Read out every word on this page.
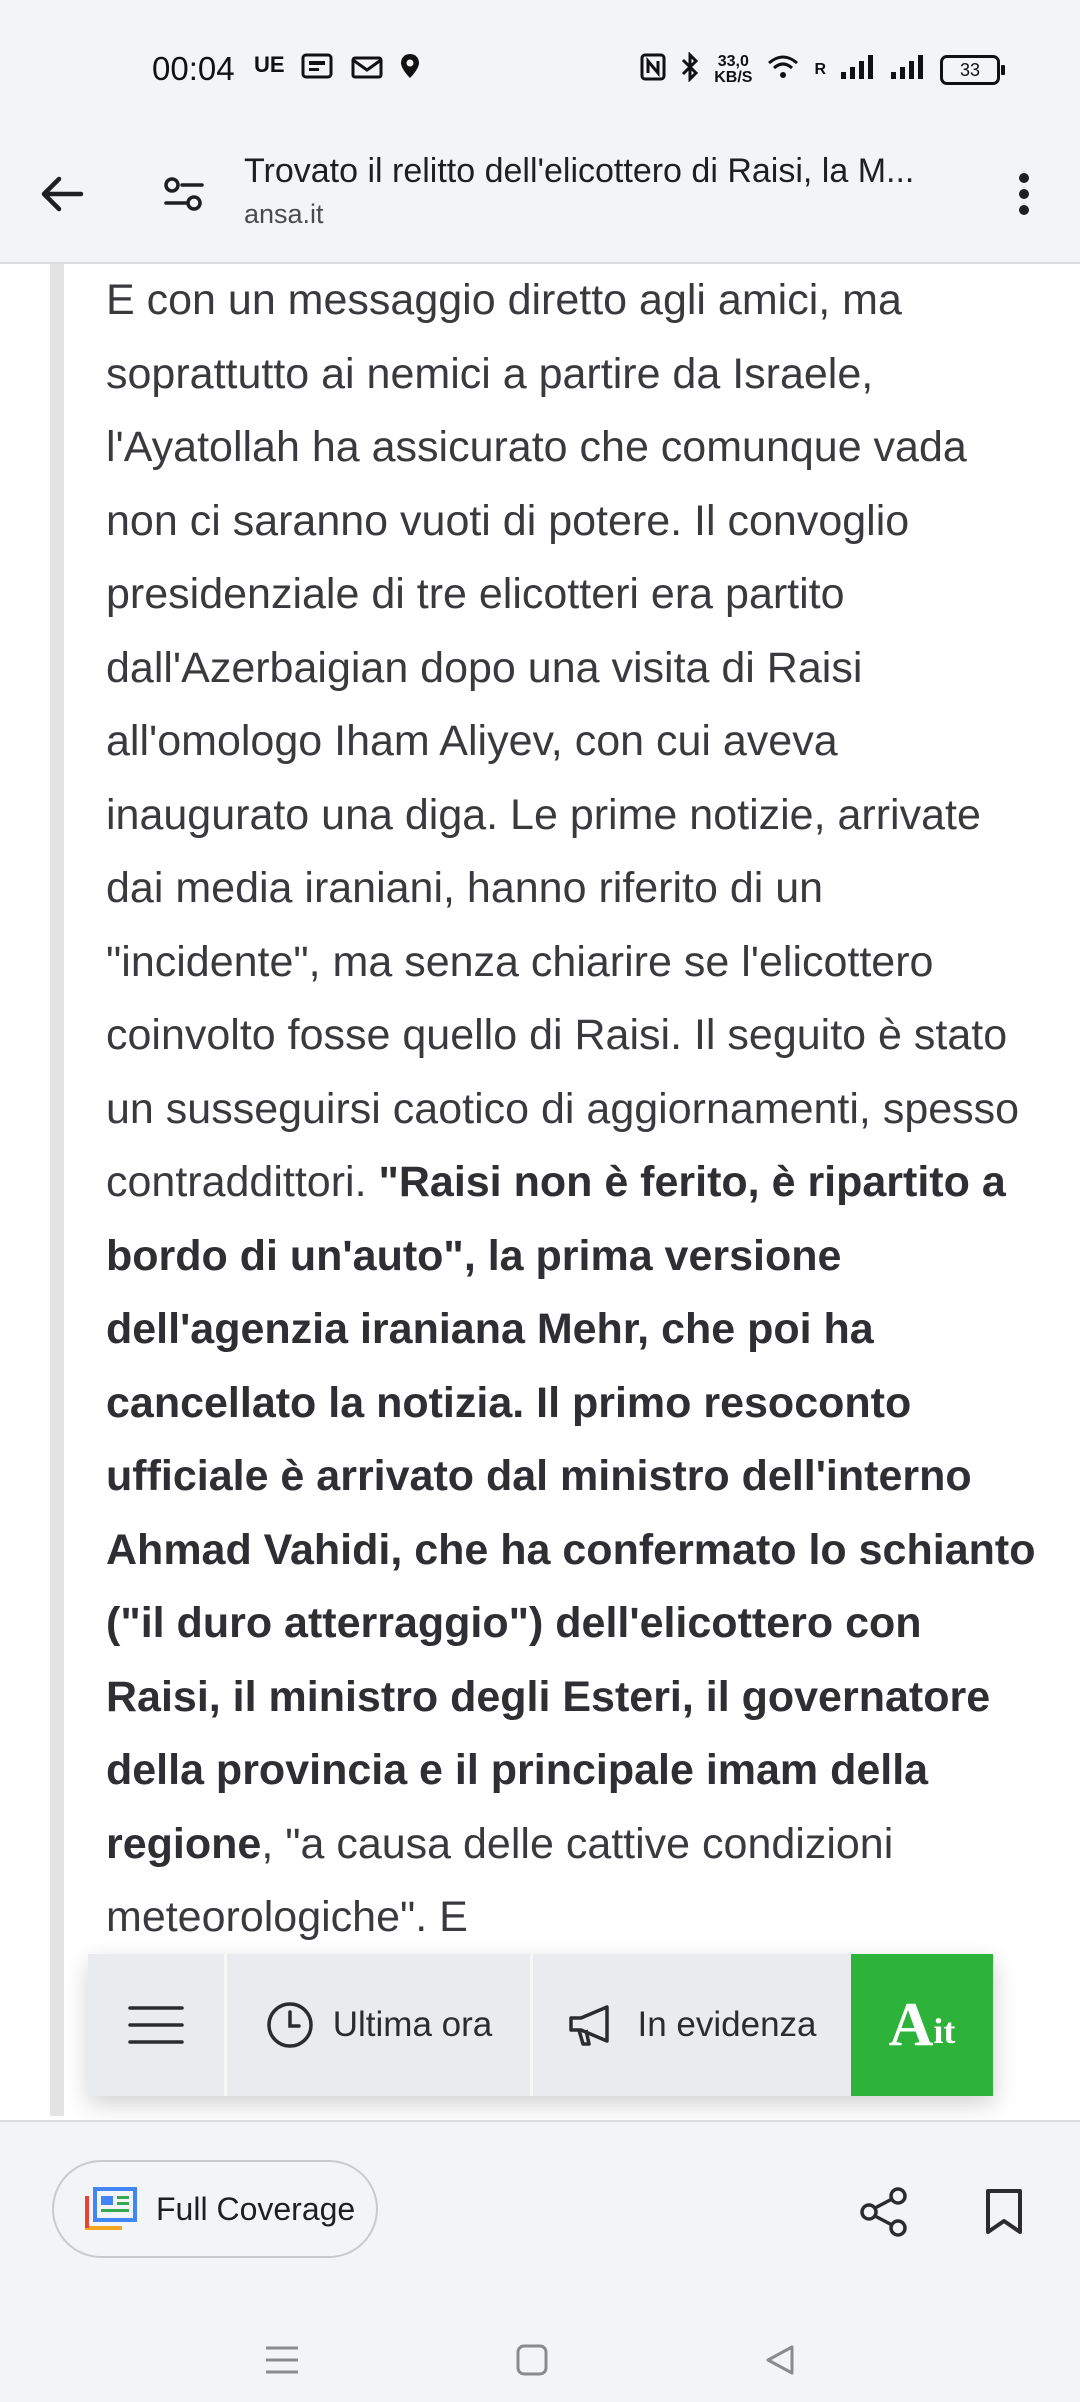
00:04 UE	33,0
KB/S	R	33
Trovato il relitto dell'elicottero di Raisi, la M...
ansa.it

E con un messaggio diretto agli amici, ma soprattutto ai nemici a partire da Israele, l'Ayatollah ha assicurato che comunque vada non ci saranno vuoti di potere. Il convoglio presidenziale di tre elicotteri era partito dall'Azerbaigian dopo una visita di Raisi all'omologo Iham Aliyev, con cui aveva inaugurato una diga. Le prime notizie, arrivate dai media iraniani, hanno riferito di un "incidente", ma senza chiarire se l'elicottero coinvolto fosse quello di Raisi. Il seguito è stato un susseguirsi caotico di aggiornamenti, spesso contraddittori. "Raisi non è ferito, è ripartito a bordo di un'auto", la prima versione dell'agenzia iraniana Mehr, che poi ha cancellato la notizia. Il primo resoconto ufficiale è arrivato dal ministro dell'interno Ahmad Vahidi, che ha confermato lo schianto ("il duro atterraggio") dell'elicottero con Raisi, il ministro degli Esteri, il governatore della provincia e il principale imam della regione, "a causa delle cattive condizioni meteorologiche". E

Ultima ora	In evidenza Ait
Full Coverage
